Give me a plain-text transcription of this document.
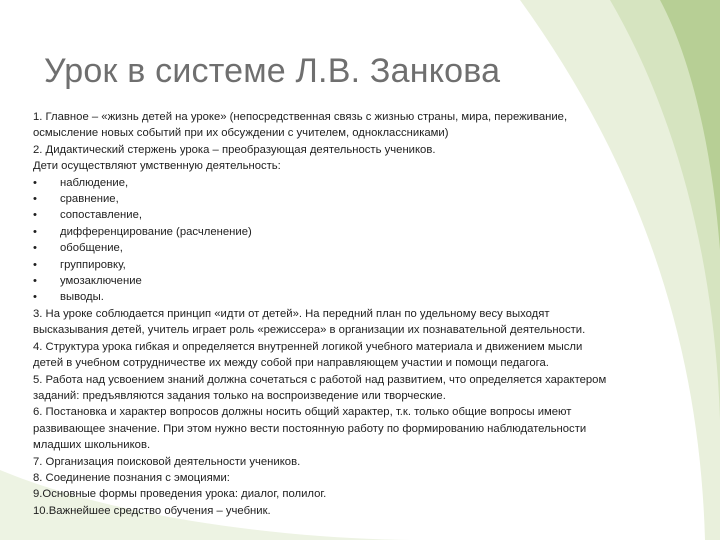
Урок в системе Л.В. Занкова
1. Главное – «жизнь детей на уроке» (непосредственная связь с жизнью страны, мира, переживание,
осмысление новых событий при их обсуждении с учителем, одноклассниками)
2. Дидактический стержень урока – преобразующая деятельность учеников.
Дети осуществляют умственную деятельность:
•	наблюдение,
•	сравнение,
•	сопоставление,
•	дифференцирование (расчленение)
•	обобщение,
•	группировку,
•	умозаключение
•	выводы.
3. На уроке соблюдается принцип «идти от детей». На передний план по удельному весу выходят
высказывания детей, учитель играет роль «режиссера» в организации их познавательной деятельности.
4. Структура урока гибкая и определяется внутренней логикой учебного материала и движением мысли
детей в учебном сотрудничестве их между собой при направляющем участии и помощи педагога.
5. Работа над усвоением знаний должна сочетаться с работой над развитием, что определяется характером
заданий: предъявляются задания только на воспроизведение или творческие.
6. Постановка и характер вопросов должны носить общий характер, т.к. только общие вопросы имеют
развивающее значение. При этом нужно вести постоянную работу по формированию наблюдательности
младших школьников.
7. Организация поисковой деятельности учеников.
8. Соединение познания с эмоциями:
9.Основные формы проведения урока: диалог, полилог.
10.Важнейшее средство обучения – учебник.
